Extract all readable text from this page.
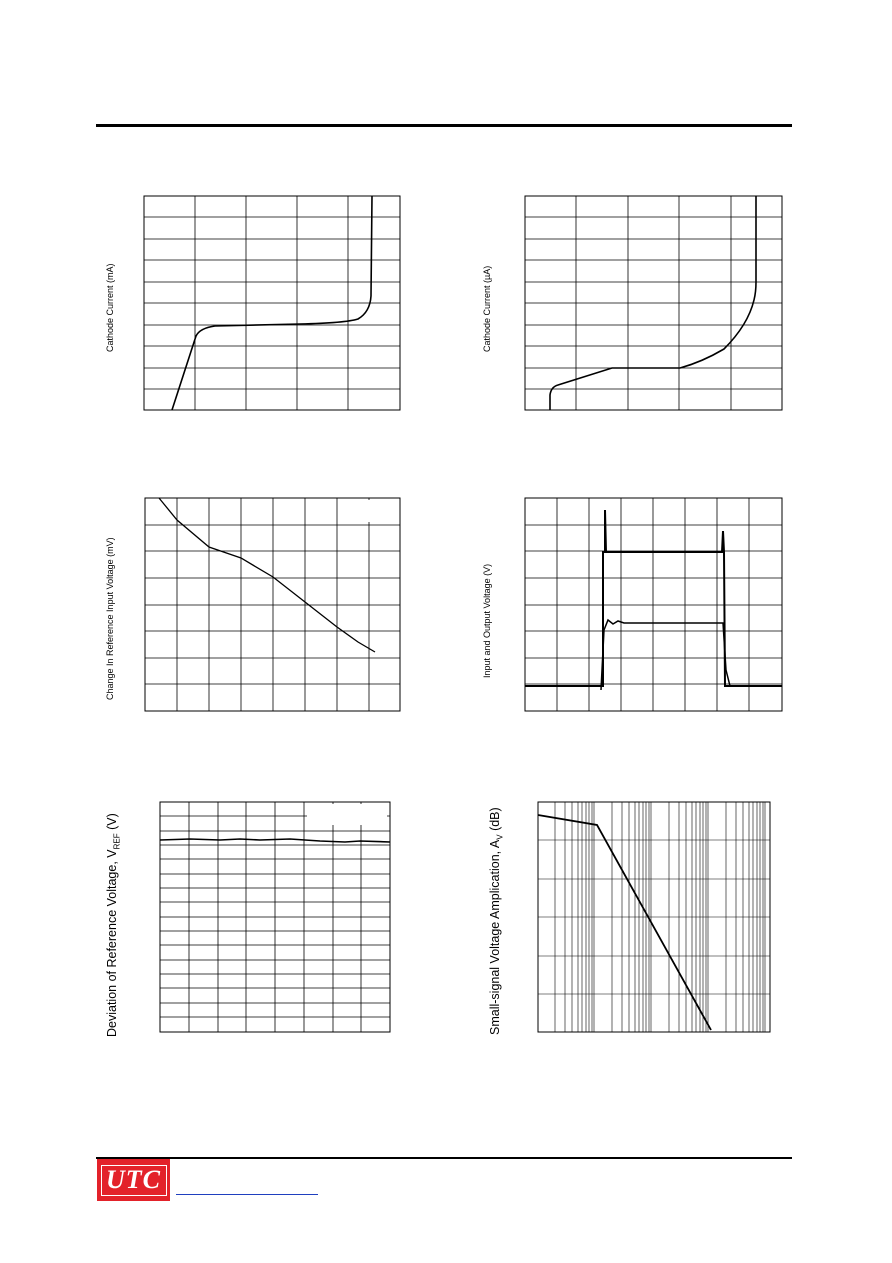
Cathode Current (mA)	Cathode Current (µA)
Change In Reference Input Voltage (mV)	Input and Output Voltage (V)
Deviation of Reference Voltage, $V_{REF}$ (V)
Small-signal Voltage Amplication, $A_V$ (dB)
UTC
